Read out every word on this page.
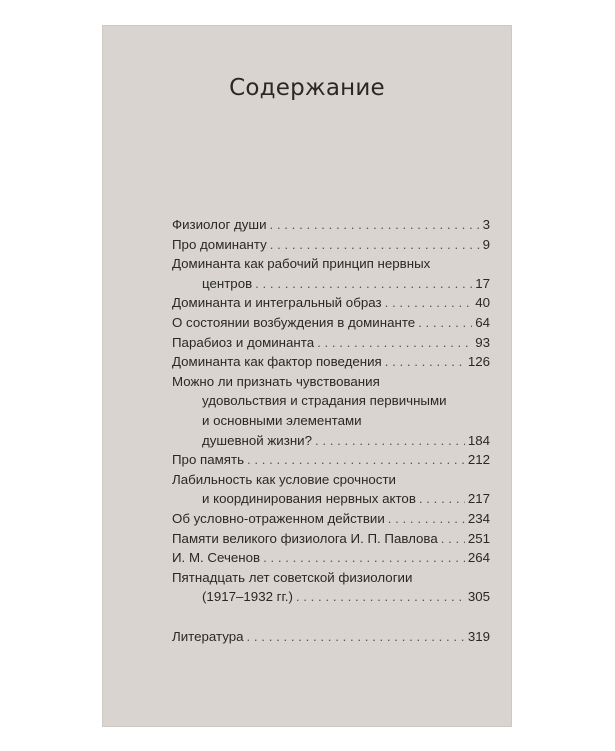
Содержание
Физиолог души . . .	3
Про доминанту . . .	9
Доминанта как рабочий принцип нервных
центров . . .	17
Доминанта и интегральный образ . . .	40
О состоянии возбуждения в доминанте . . .	64
Парабиоз и доминанта . . .	93
Доминанта как фактор поведения . . .	126
Можно ли признать чувствования
удовольствия и страдания первичными
и основными элементами
душевной жизни? . . .	184
Про память . . .	212
Лабильность как условие срочности
и координирования нервных актов . . .	217
Об условно-отраженном действии . . .	234
Памяти великого физиолога И. П. Павлова . . . 251
И. М. Сеченов . . .	264
Пятнадцать лет советской физиологии
(1917–1932 гг.) . . .	305
Литература . . .	319
